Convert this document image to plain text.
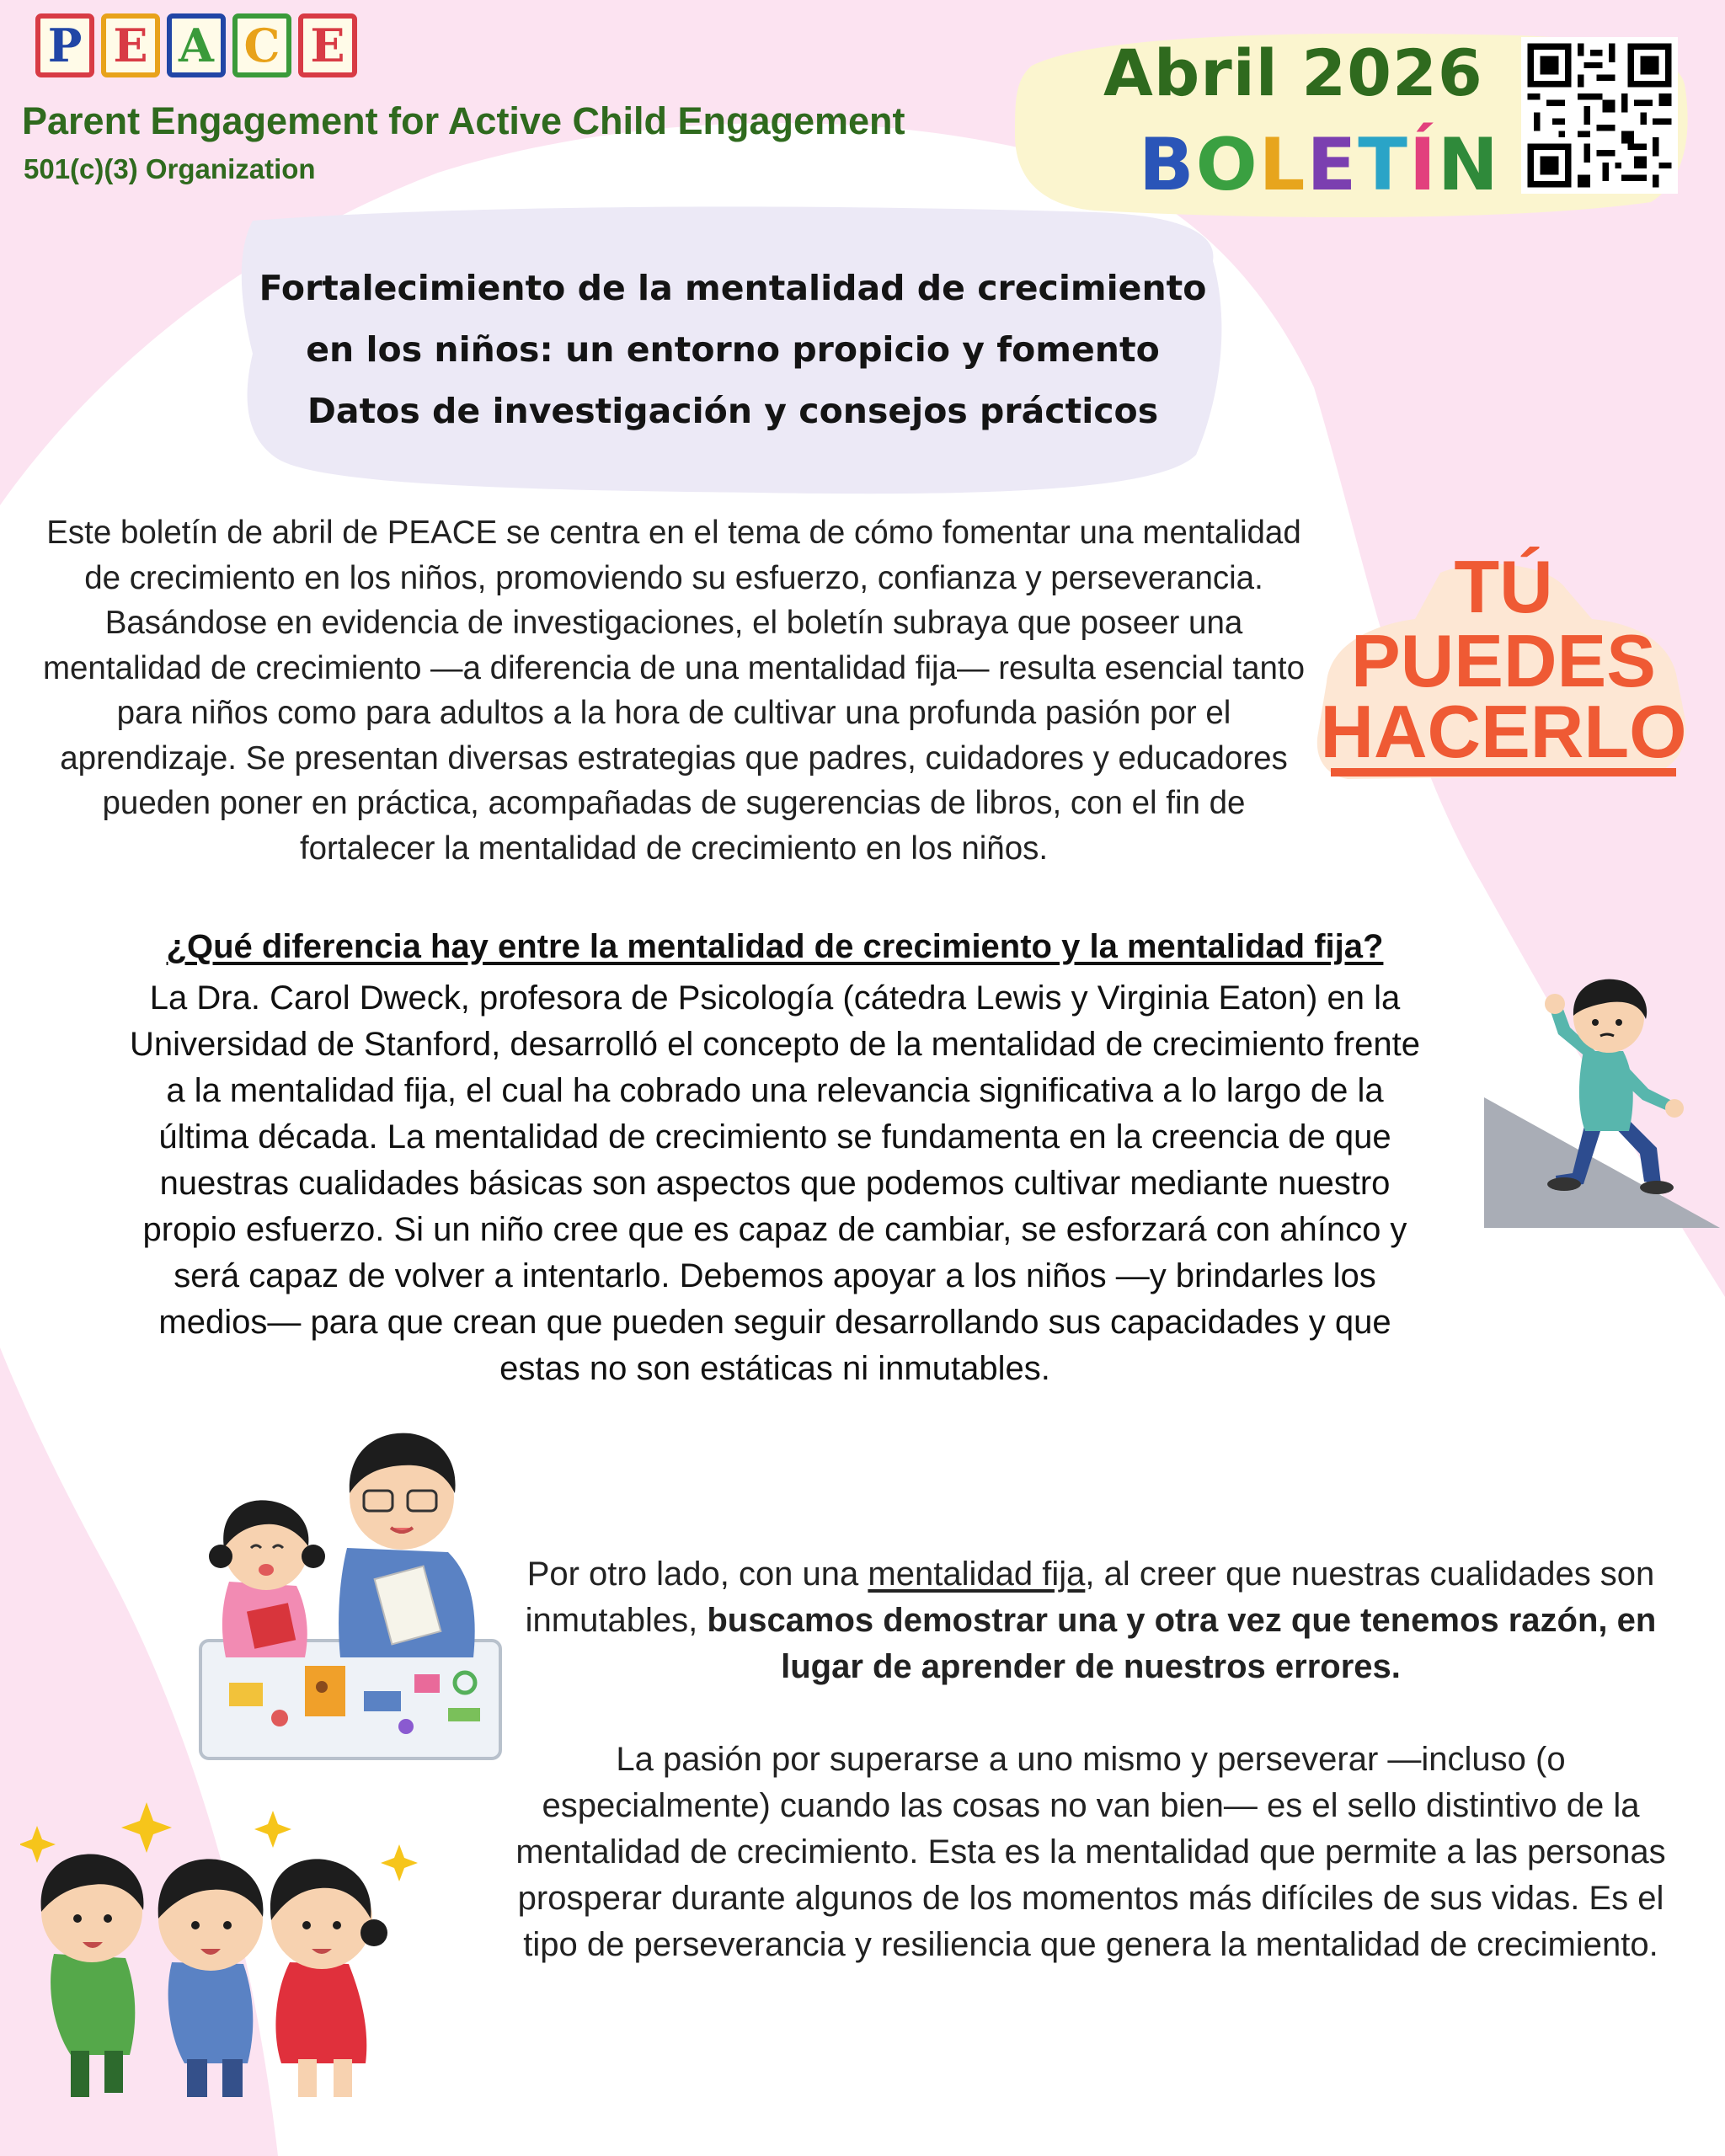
P E A C E
Parent Engagement for Active Child Engagement
501(c)(3) Organization
Abril 2026
BOLETÍN
Fortalecimiento de la mentalidad de crecimiento
en los niños: un entorno propicio y fomento
Datos de investigación y consejos prácticos
Este boletín de abril de PEACE se centra en el tema de cómo fomentar una mentalidad de crecimiento en los niños, promoviendo su esfuerzo, confianza y perseverancia. Basándose en evidencia de investigaciones, el boletín subraya que poseer una mentalidad de crecimiento —a diferencia de una mentalidad fija— resulta esencial tanto para niños como para adultos a la hora de cultivar una profunda pasión por el aprendizaje. Se presentan diversas estrategias que padres, cuidadores y educadores pueden poner en práctica, acompañadas de sugerencias de libros, con el fin de fortalecer la mentalidad de crecimiento en los niños.
TÚ
PUEDES
HACERLO
¿Qué diferencia hay entre la mentalidad de crecimiento y la mentalidad fija?
La Dra. Carol Dweck, profesora de Psicología (cátedra Lewis y Virginia Eaton) en la Universidad de Stanford, desarrolló el concepto de la mentalidad de crecimiento frente a la mentalidad fija, el cual ha cobrado una relevancia significativa a lo largo de la última década. La mentalidad de crecimiento se fundamenta en la creencia de que nuestras cualidades básicas son aspectos que podemos cultivar mediante nuestro propio esfuerzo. Si un niño cree que es capaz de cambiar, se esforzará con ahínco y será capaz de volver a intentarlo. Debemos apoyar a los niños —y brindarles los medios— para que crean que pueden seguir desarrollando sus capacidades y que estas no son estáticas ni inmutables.
Por otro lado, con una mentalidad fija, al creer que nuestras cualidades son inmutables, buscamos demostrar una y otra vez que tenemos razón, en lugar de aprender de nuestros errores.
La pasión por superarse a uno mismo y perseverar —incluso (o especialmente) cuando las cosas no van bien— es el sello distintivo de la mentalidad de crecimiento. Esta es la mentalidad que permite a las personas prosperar durante algunos de los momentos más difíciles de sus vidas. Es el tipo de perseverancia y resiliencia que genera la mentalidad de crecimiento.
